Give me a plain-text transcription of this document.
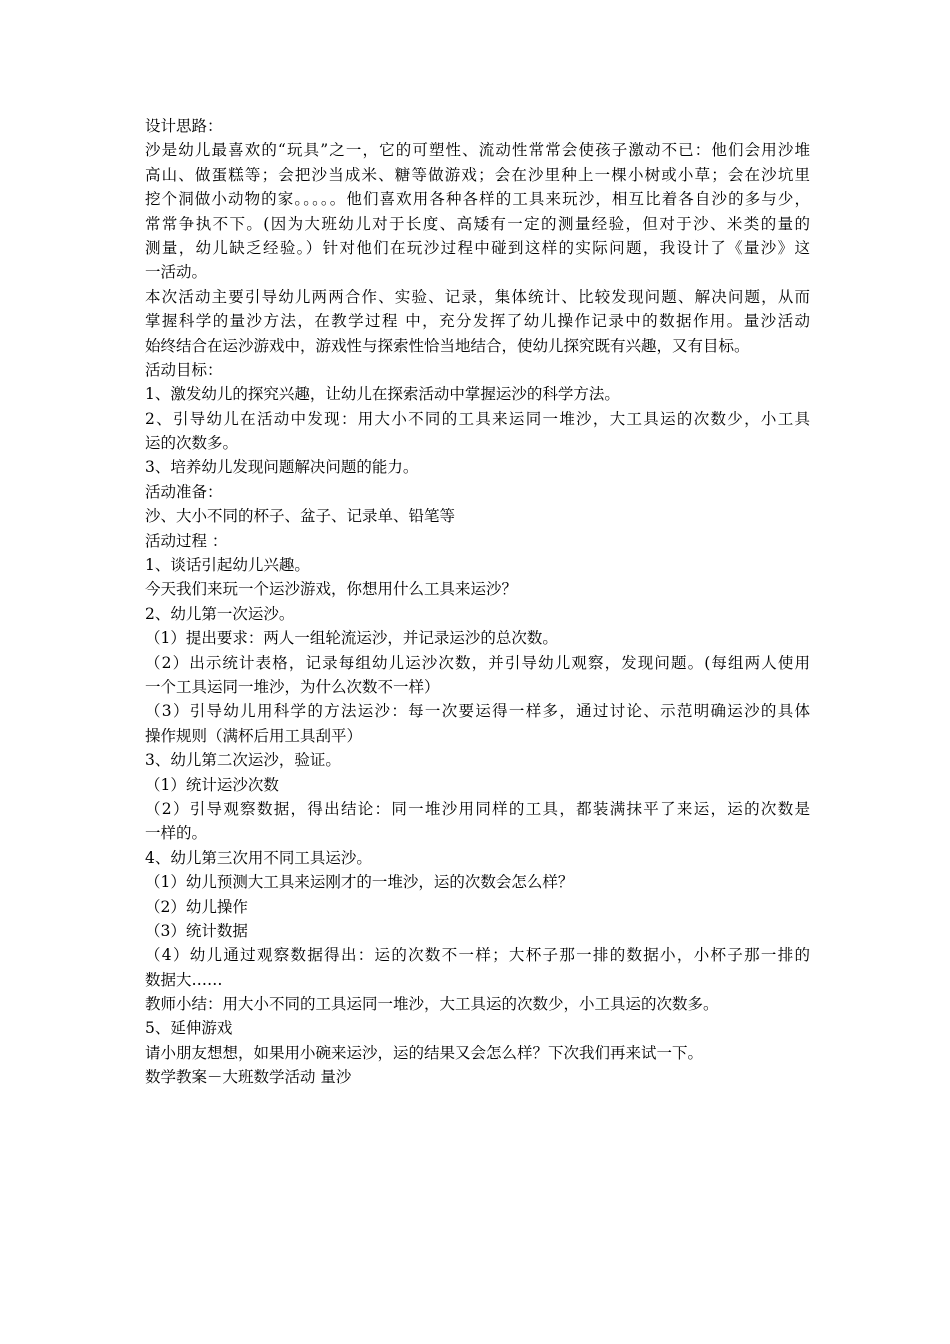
设计思路：
沙是幼儿最喜欢的“玩具”之一，它的可塑性、流动性常常会使孩子激动不已：他们会用沙堆
高山、做蛋糕等；会把沙当成米、糖等做游戏；会在沙里种上一棵小树或小草；会在沙坑里
挖个洞做小动物的家。。。。。他们喜欢用各种各样的工具来玩沙，相互比着各自沙的多与少，
常常争执不下。(因为大班幼儿对于长度、高矮有一定的测量经验，但对于沙、米类的量的
测量，幼儿缺乏经验。）针对他们在玩沙过程中碰到这样的实际问题，我设计了《量沙》这
一活动。
本次活动主要引导幼儿两两合作、实验、记录，集体统计、比较发现问题、解决问题，从而
掌握科学的量沙方法，在教学过程 中，充分发挥了幼儿操作记录中的数据作用。量沙活动
始终结合在运沙游戏中，游戏性与探索性恰当地结合，使幼儿探究既有兴趣，又有目标。
活动目标：
1、激发幼儿的探究兴趣，让幼儿在探索活动中掌握运沙的科学方法。
2、引导幼儿在活动中发现：用大小不同的工具来运同一堆沙，大工具运的次数少，小工具
运的次数多。
3、培养幼儿发现问题解决问题的能力。
活动准备：
沙、大小不同的杯子、盆子、记录单、铅笔等
活动过程 ：
1、谈话引起幼儿兴趣。
今天我们来玩一个运沙游戏，你想用什么工具来运沙？
2、幼儿第一次运沙。
（1）提出要求：两人一组轮流运沙，并记录运沙的总次数。
（2）出示统计表格，记录每组幼儿运沙次数，并引导幼儿观察，发现问题。(每组两人使用
一个工具运同一堆沙，为什么次数不一样）
（3）引导幼儿用科学的方法运沙：每一次要运得一样多，通过讨论、示范明确运沙的具体
操作规则（满杯后用工具刮平）
3、幼儿第二次运沙，验证。
（1）统计运沙次数
（2）引导观察数据，得出结论：同一堆沙用同样的工具，都装满抹平了来运，运的次数是
一样的。
4、幼儿第三次用不同工具运沙。
（1）幼儿预测大工具来运刚才的一堆沙，运的次数会怎么样？
（2）幼儿操作
（3）统计数据
（4）幼儿通过观察数据得出：运的次数不一样；大杯子那一排的数据小，小杯子那一排的
数据大……
教师小结：用大小不同的工具运同一堆沙，大工具运的次数少，小工具运的次数多。
5、延伸游戏
请小朋友想想，如果用小碗来运沙，运的结果又会怎么样？下次我们再来试一下。
数学教案－大班数学活动 量沙
